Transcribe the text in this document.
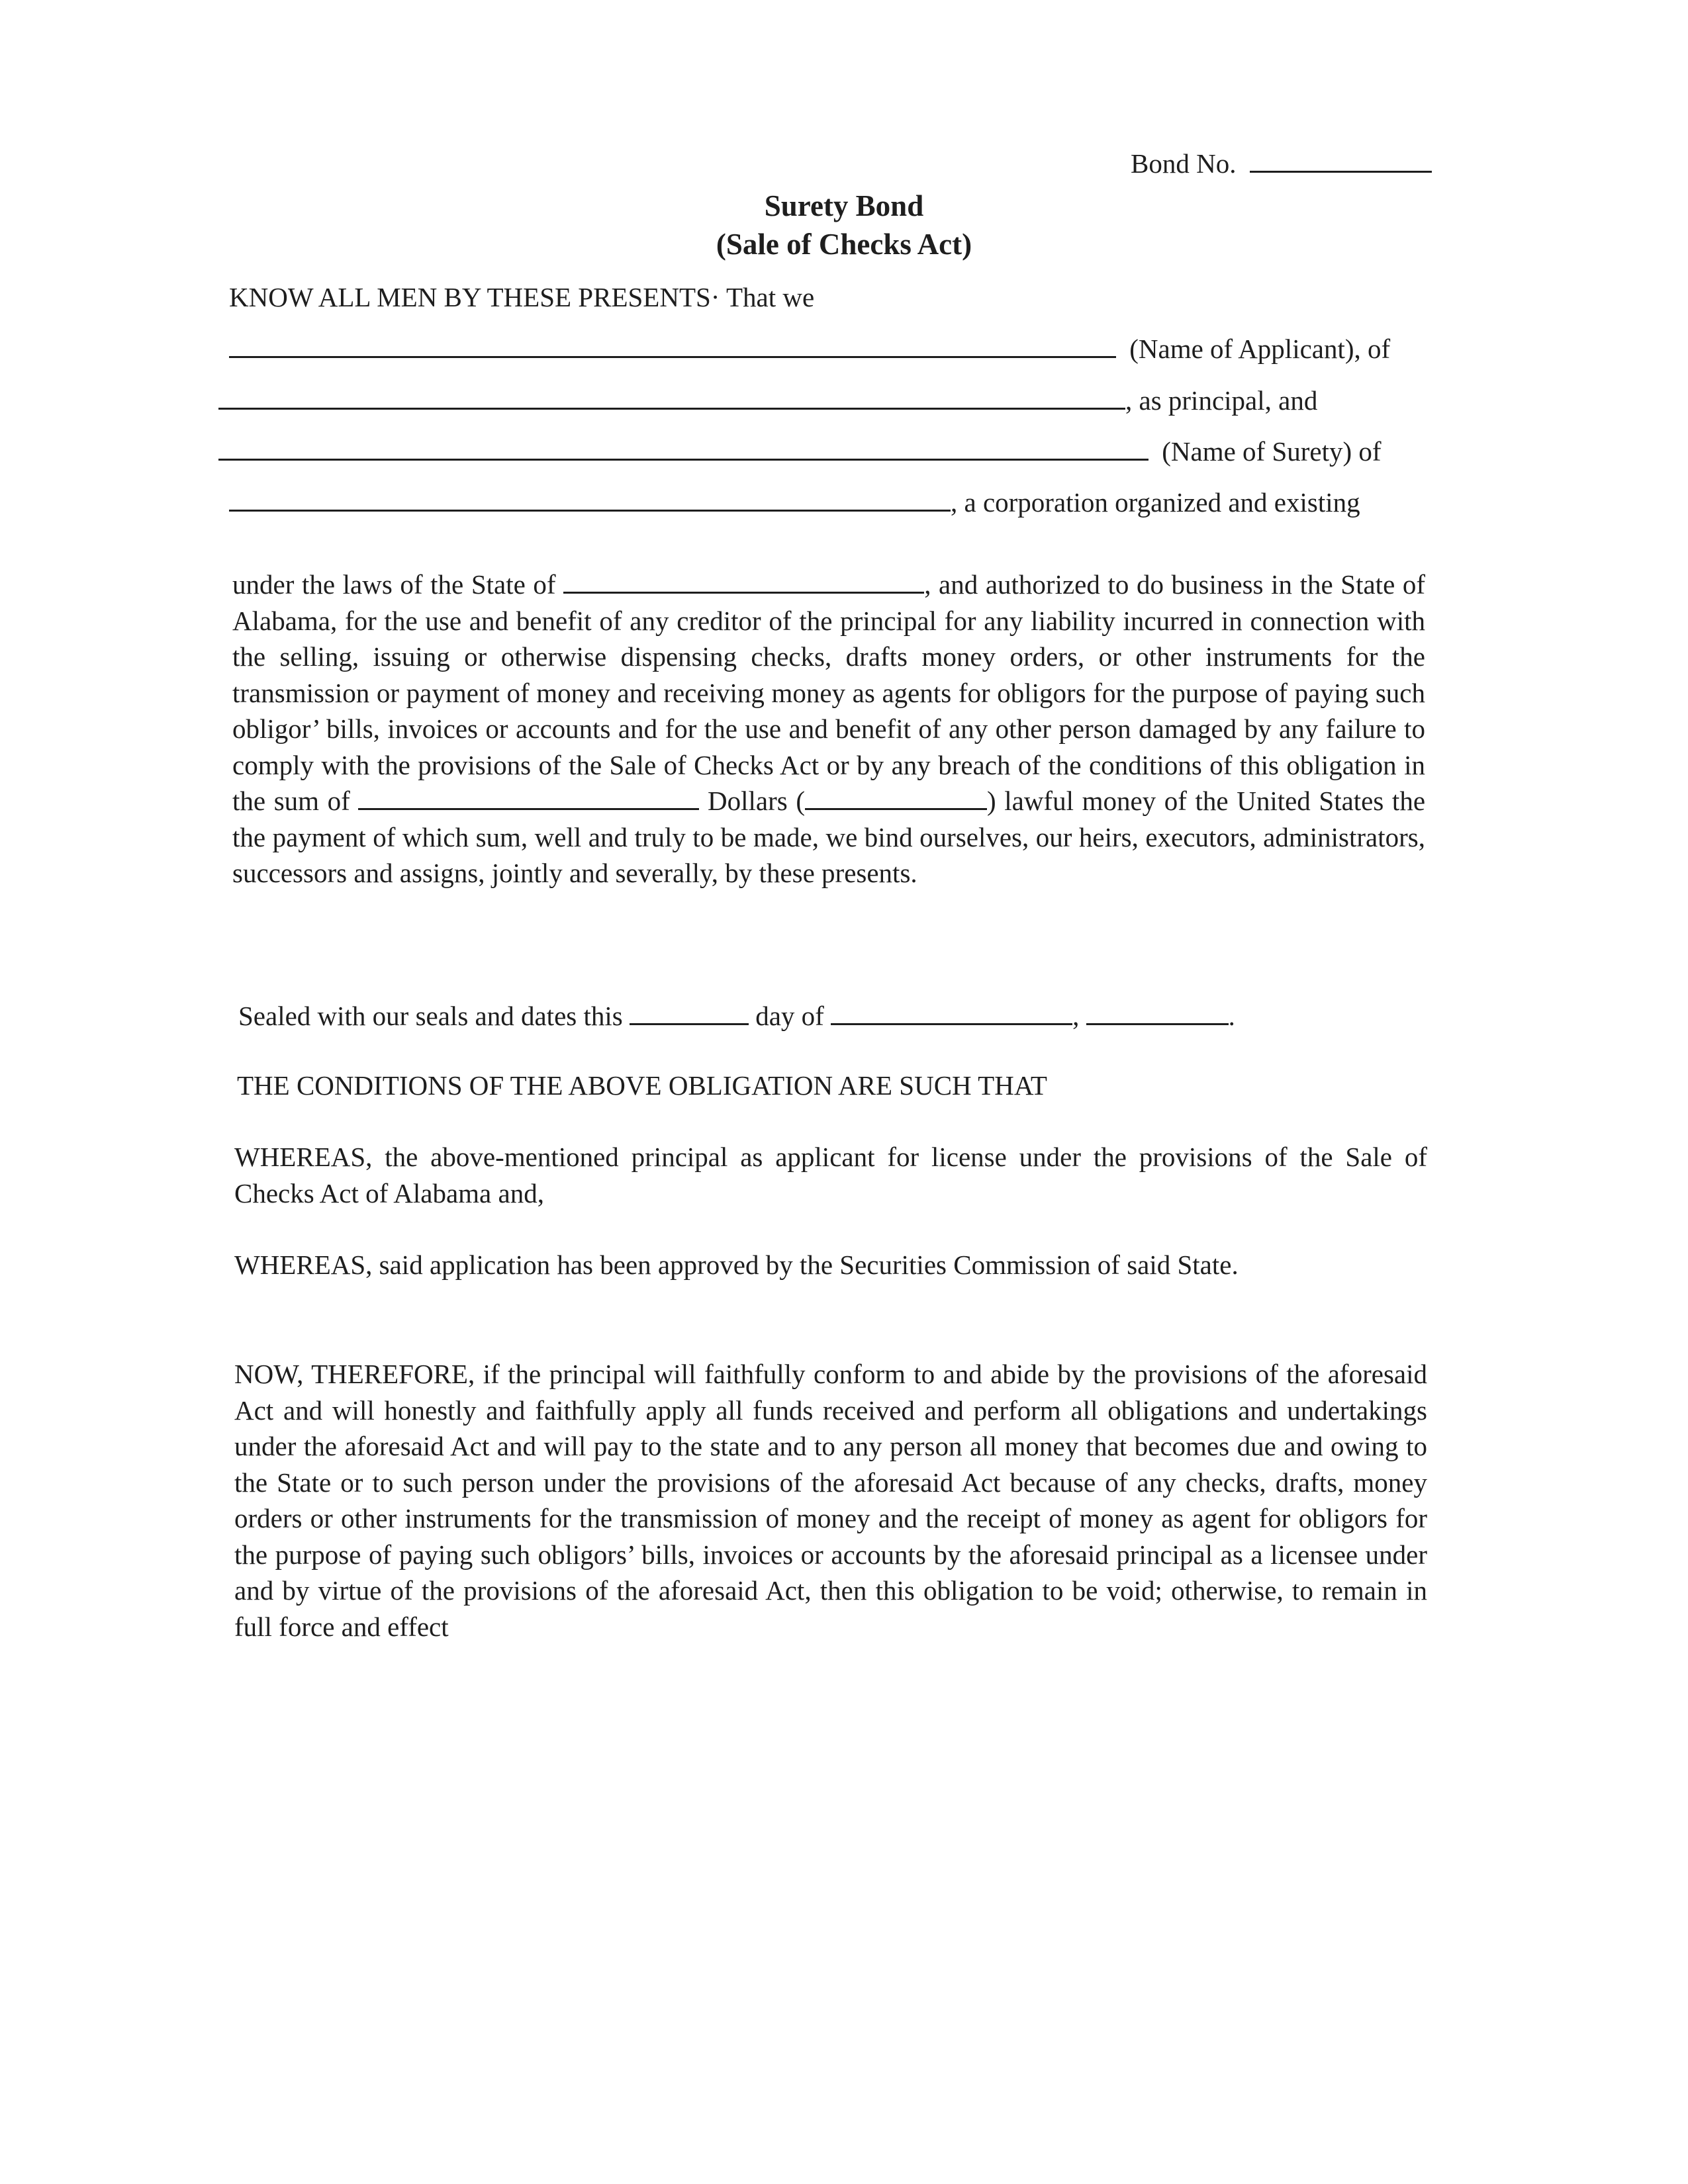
Bond No.
Surety Bond
(Sale of Checks Act)
KNOW ALL MEN BY THESE PRESENTS· That we
(Name of Applicant), of
, as principal, and
(Name of Surety) of
, a corporation organized and existing

under the laws of the State of	, and authorized to do business in the State of Alabama, for the use and benefit of any creditor of the principal for any liability incurred in connection with the selling, issuing or otherwise dispensing checks, drafts money orders, or other instruments for the transmission or payment of money and receiving money as agents for obligors for the purpose of paying such obligor’ bills, invoices or accounts and for the use and benefit of any other person damaged by any failure to comply with the provisions of the Sale of Checks Act or by any breach of the conditions of this obligation in the sum of	Dollars (	) lawful money of the United States the the payment of which sum, well and truly to be made, we bind ourselves, our heirs, executors, administrators, successors and assigns, jointly and severally, by these presents.

Sealed with our seals and dates this	day of	,	.
THE CONDITIONS OF THE ABOVE OBLIGATION ARE SUCH THAT

WHEREAS, the above-mentioned principal as applicant for license under the provisions of the Sale of Checks Act of Alabama and,

WHEREAS, said application has been approved by the Securities Commission of said State.

NOW, THEREFORE, if the principal will faithfully conform to and abide by the provisions of the aforesaid Act and will honestly and faithfully apply all funds received and perform all obligations and undertakings under the aforesaid Act and will pay to the state and to any person all money that becomes due and owing to the State or to such person under the provisions of the aforesaid Act because of any checks, drafts, money orders or other instruments for the transmission of money and the receipt of money as agent for obligors for the purpose of paying such obligors’ bills, invoices or accounts by the aforesaid principal as a licensee under and by virtue of the provisions of the aforesaid Act, then this obligation to be void; otherwise, to remain in full force and effect
